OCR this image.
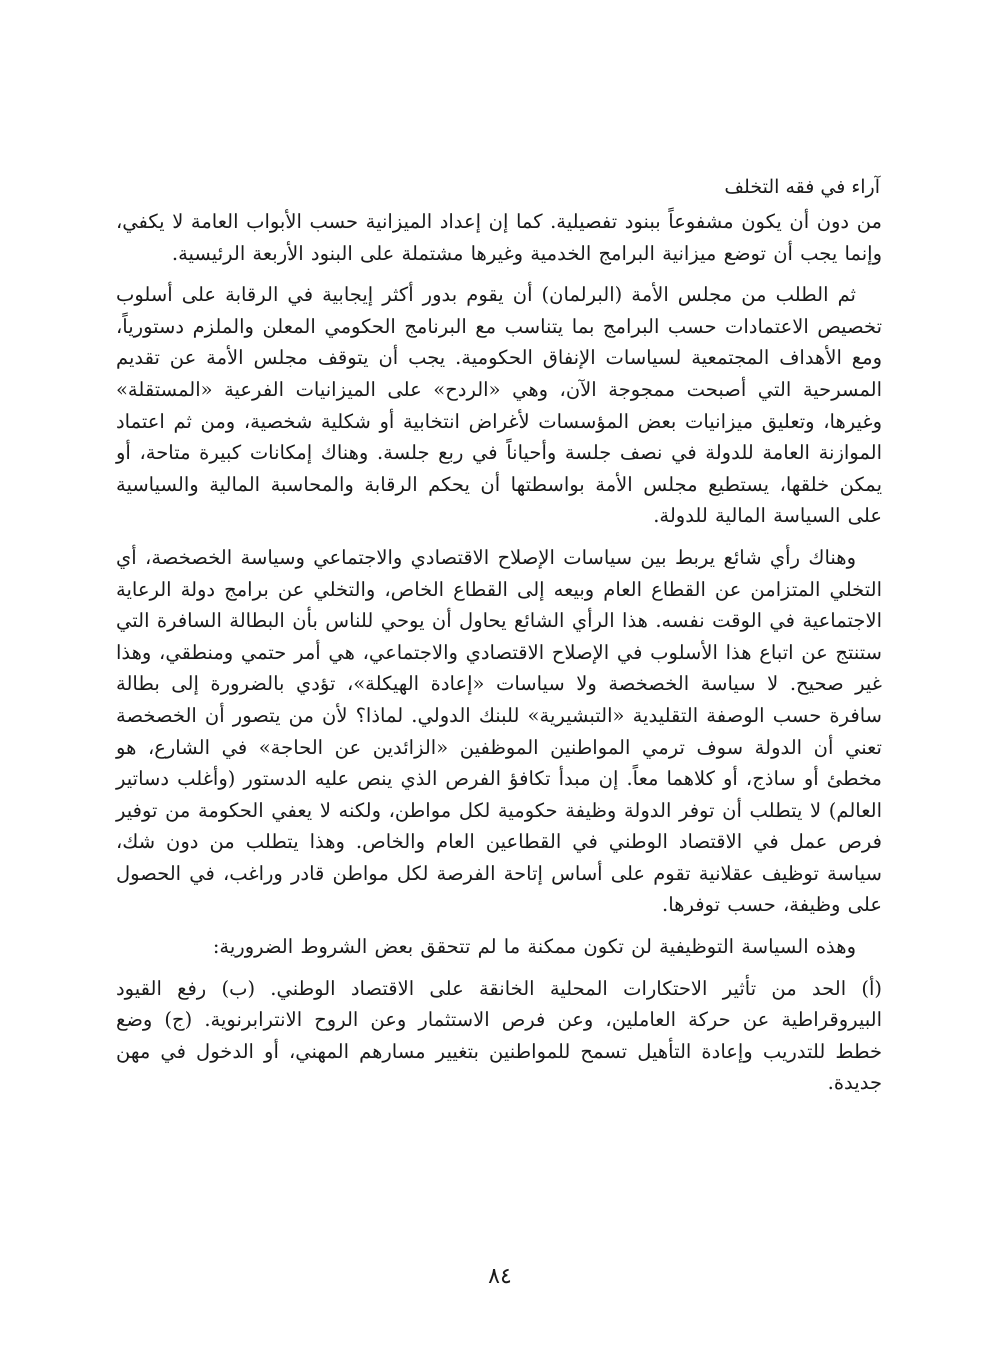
آراء في فقه التخلف

من دون أن يكون مشفوعاً ببنود تفصيلية. كما إن إعداد الميزانية حسب الأبواب العامة لا يكفي، وإنما يجب أن توضع ميزانية البرامج الخدمية وغيرها مشتملة على البنود الأربعة الرئيسية.

ثم الطلب من مجلس الأمة (البرلمان) أن يقوم بدور أكثر إيجابية في الرقابة على أسلوب تخصيص الاعتمادات حسب البرامج بما يتناسب مع البرنامج الحكومي المعلن والملزم دستورياً، ومع الأهداف المجتمعية لسياسات الإنفاق الحكومية. يجب أن يتوقف مجلس الأمة عن تقديم المسرحية التي أصبحت ممجوجة الآن، وهي «الردح» على الميزانيات الفرعية «المستقلة» وغيرها، وتعليق ميزانيات بعض المؤسسات لأغراض انتخابية أو شكلية شخصية، ومن ثم اعتماد الموازنة العامة للدولة في نصف جلسة وأحياناً في ربع جلسة. وهناك إمكانات كبيرة متاحة، أو يمكن خلقها، يستطيع مجلس الأمة بواسطتها أن يحكم الرقابة والمحاسبة المالية والسياسية على السياسة المالية للدولة.

وهناك رأي شائع يربط بين سياسات الإصلاح الاقتصادي والاجتماعي وسياسة الخصخصة، أي التخلي المتزامن عن القطاع العام وبيعه إلى القطاع الخاص، والتخلي عن برامج دولة الرعاية الاجتماعية في الوقت نفسه. هذا الرأي الشائع يحاول أن يوحي للناس بأن البطالة السافرة التي ستنتج عن اتباع هذا الأسلوب في الإصلاح الاقتصادي والاجتماعي، هي أمر حتمي ومنطقي، وهذا غير صحيح. لا سياسة الخصخصة ولا سياسات «إعادة الهيكلة»، تؤدي بالضرورة إلى بطالة سافرة حسب الوصفة التقليدية «التبشيرية» للبنك الدولي. لماذا؟ لأن من يتصور أن الخصخصة تعني أن الدولة سوف ترمي المواطنين الموظفين «الزائدين عن الحاجة» في الشارع، هو مخطئ أو ساذج، أو كلاهما معاً. إن مبدأ تكافؤ الفرص الذي ينص عليه الدستور (وأغلب دساتير العالم) لا يتطلب أن توفر الدولة وظيفة حكومية لكل مواطن، ولكنه لا يعفي الحكومة من توفير فرص عمل في الاقتصاد الوطني في القطاعين العام والخاص. وهذا يتطلب من دون شك، سياسة توظيف عقلانية تقوم على أساس إتاحة الفرصة لكل مواطن قادر وراغب، في الحصول على وظيفة، حسب توفرها.

وهذه السياسة التوظيفية لن تكون ممكنة ما لم تتحقق بعض الشروط الضرورية:

(أ) الحد من تأثير الاحتكارات المحلية الخانقة على الاقتصاد الوطني. (ب) رفع القيود البيروقراطية عن حركة العاملين، وعن فرص الاستثمار وعن الروح الانترابرنوية. (ج) وضع خطط للتدريب وإعادة التأهيل تسمح للمواطنين بتغيير مسارهم المهني، أو الدخول في مهن جديدة.

٨٤
